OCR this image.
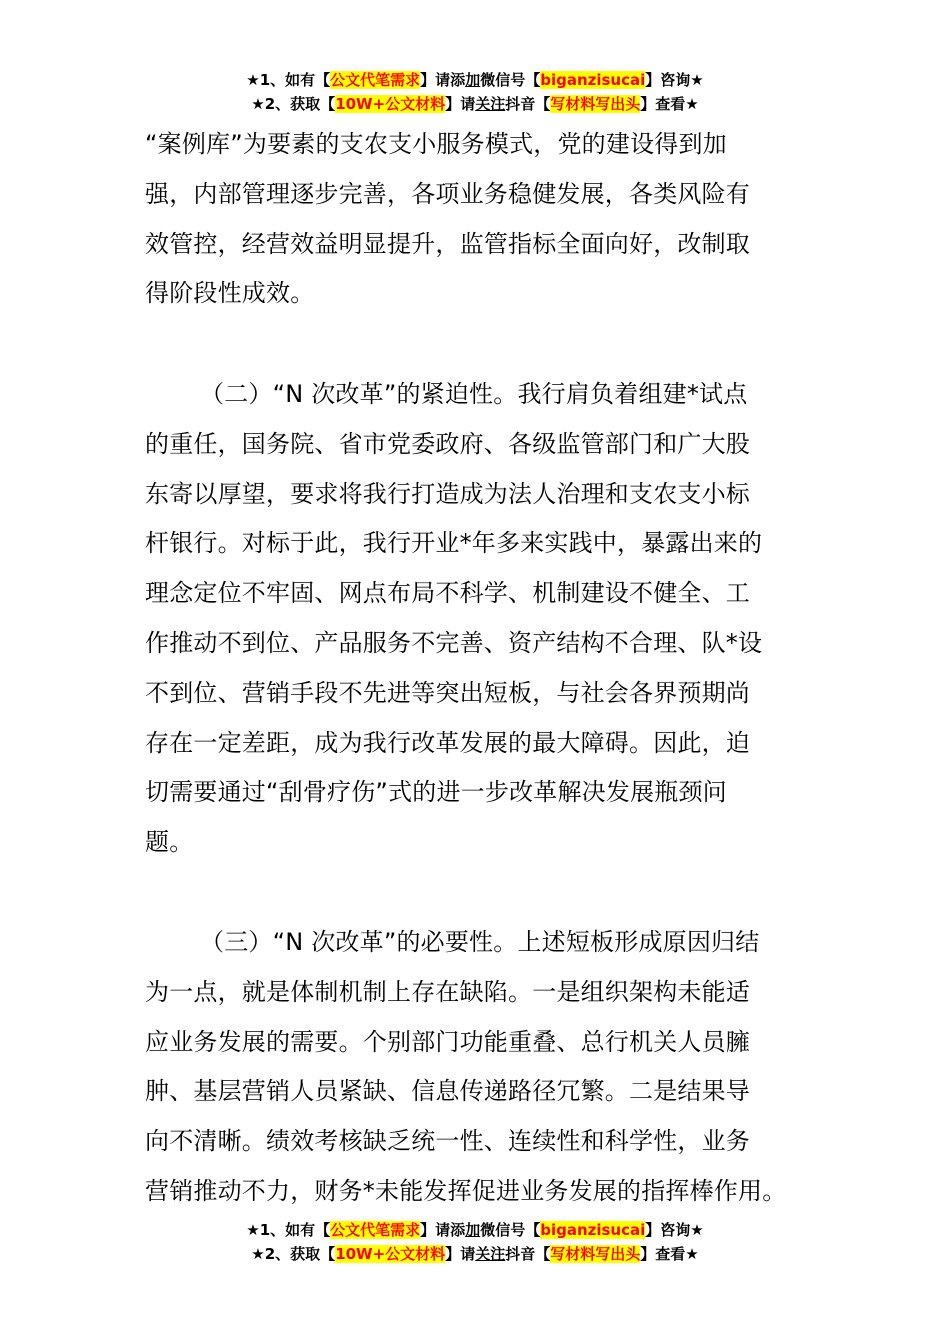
★1、如有【公文代笔需求】请添加微信号【biganzisucai】咨询★
★2、获取【10W+公文材料】请关注抖音【写材料写出头】查看★
“案例库”为要素的支农支小服务模式，党的建设得到加
强，内部管理逐步完善，各项业务稳健发展，各类风险有
效管控，经营效益明显提升，监管指标全面向好，改制取
得阶段性成效。
（二）“N 次改革”的紧迫性。我行肩负着组建*试点
的重任，国务院、省市党委政府、各级监管部门和广大股
东寄以厚望，要求将我行打造成为法人治理和支农支小标
杆银行。对标于此，我行开业*年多来实践中，暴露出来的
理念定位不牢固、网点布局不科学、机制建设不健全、工
作推动不到位、产品服务不完善、资产结构不合理、队*设
不到位、营销手段不先进等突出短板，与社会各界预期尚
存在一定差距，成为我行改革发展的最大障碍。因此，迫
切需要通过“刮骨疗伤”式的进一步改革解决发展瓶颈问
题。
（三）“N 次改革”的必要性。上述短板形成原因归结
为一点，就是体制机制上存在缺陷。一是组织架构未能适
应业务发展的需要。个别部门功能重叠、总行机关人员臃
肿、基层营销人员紧缺、信息传递路径冗繁。二是结果导
向不清晰。绩效考核缺乏统一性、连续性和科学性，业务
营销推动不力，财务*未能发挥促进业务发展的指挥棒作用。
★1、如有【公文代笔需求】请添加微信号【biganzisucai】咨询★
★2、获取【10W+公文材料】请关注抖音【写材料写出头】查看★
